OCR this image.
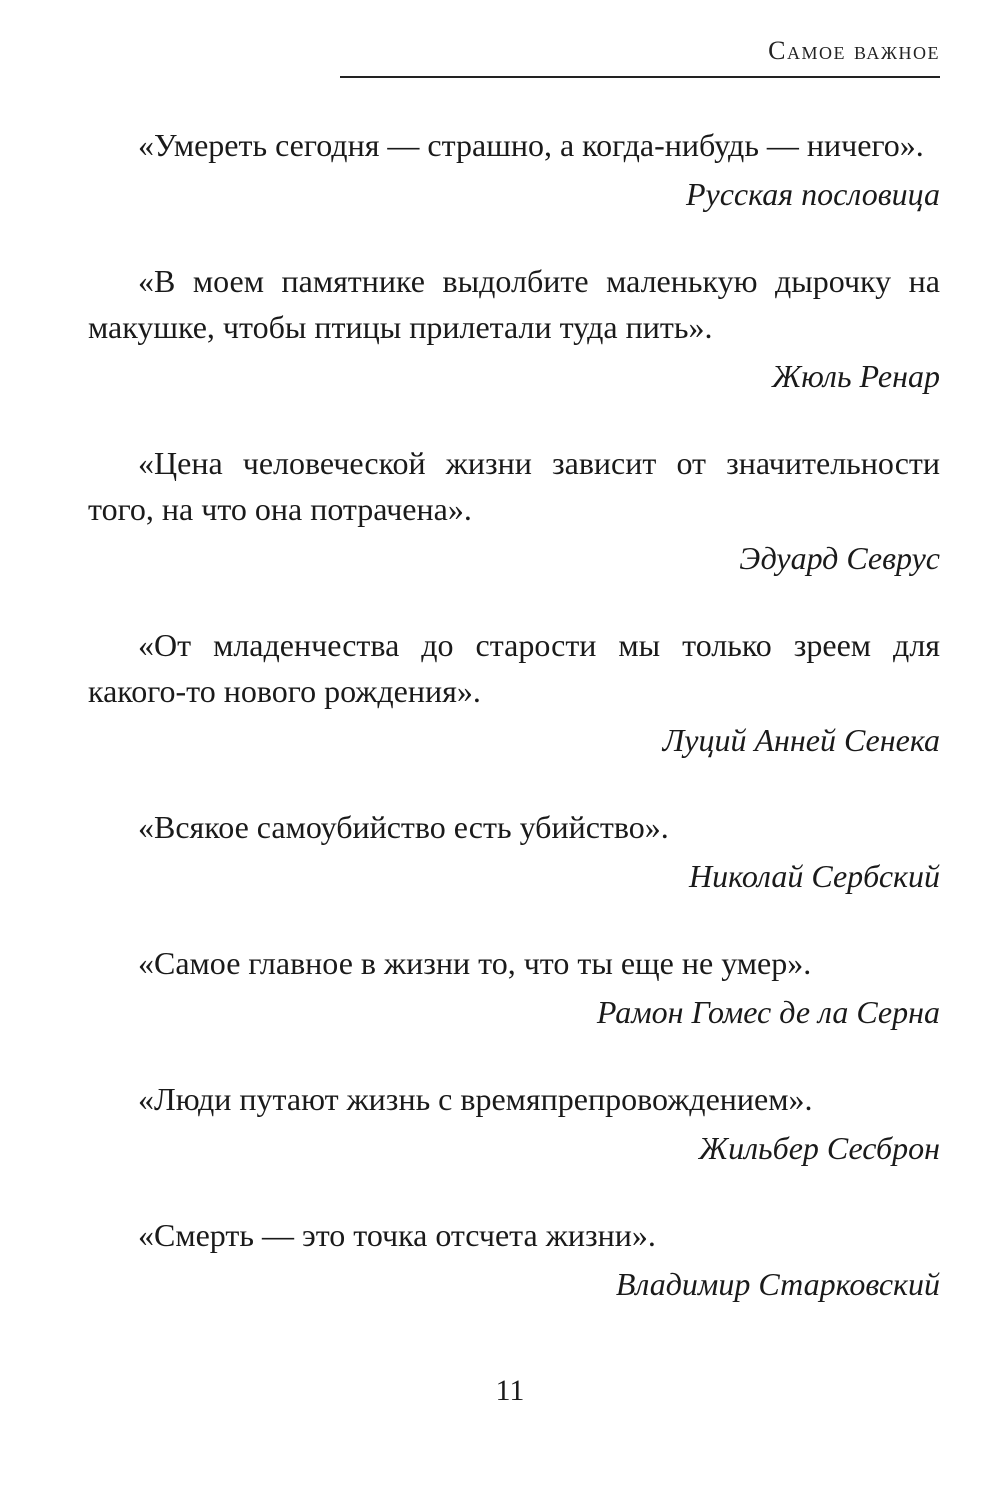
Самое важное

«Умереть сегодня — страшно, а когда-нибудь — ничего».

Русская пословица

«В моем памятнике выдолбите маленькую дырочку на макушке, чтобы птицы прилетали туда пить».

Жюль Ренар

«Цена человеческой жизни зависит от значительности того, на что она потрачена».

Эдуард Севрус

«От младенчества до старости мы только зреем для какого-то нового рождения».

Луций Анней Сенека

«Всякое самоубийство есть убийство».

Николай Сербский

«Самое главное в жизни то, что ты еще не умер».

Рамон Гомес де ла Серна

«Люди путают жизнь с времяпрепровождением».

Жильбер Сесброн

«Смерть — это точка отсчета жизни».

Владимир Старковский

11
